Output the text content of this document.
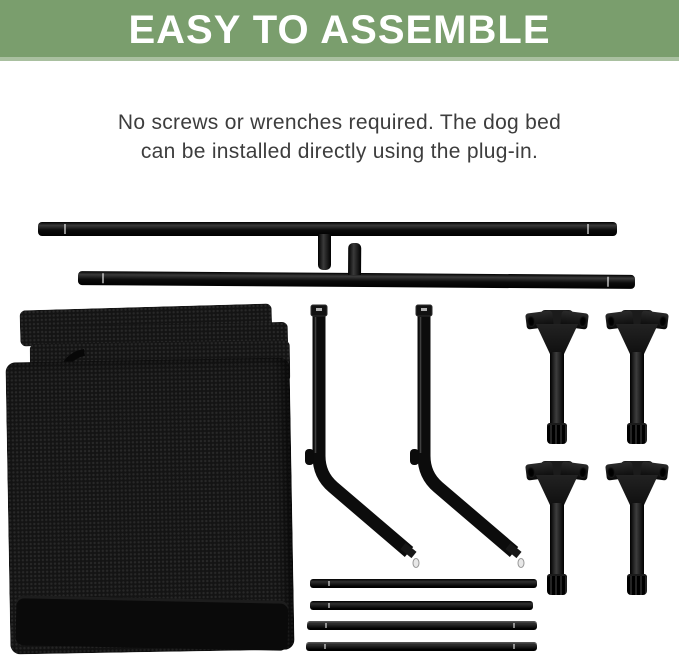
EASY TO ASSEMBLE
No screws or wrenches required. The dog bed
can be installed directly using the plug-in.
